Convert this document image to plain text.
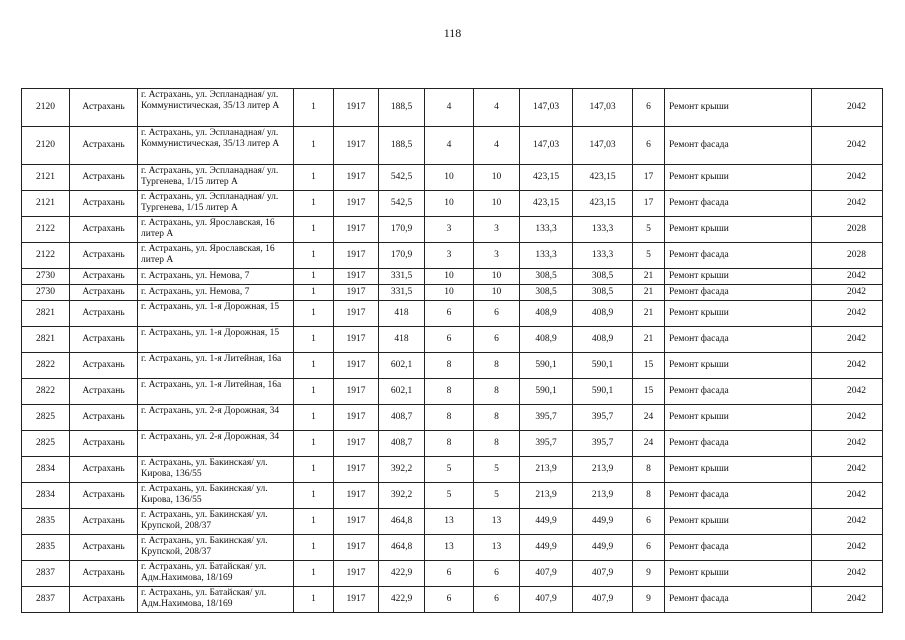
118
2120	Астрахань	г. Астрахань, ул. Эспланадная/ ул. Коммунистическая, 35/13 литер А	1	1917	188,5	4	4	147,03	147,03	6	Ремонт крыши	2042
2120	Астрахань	г. Астрахань, ул. Эспланадная/ ул. Коммунистическая, 35/13 литер А	1	1917	188,5	4	4	147,03	147,03	6	Ремонт фасада	2042
2121	Астрахань	г. Астрахань, ул. Эспланадная/ ул. Тургенева, 1/15 литер А	1	1917	542,5	10	10	423,15	423,15	17	Ремонт крыши	2042
2121	Астрахань	г. Астрахань, ул. Эспланадная/ ул. Тургенева, 1/15 литер А	1	1917	542,5	10	10	423,15	423,15	17	Ремонт фасада	2042
2122	Астрахань	г. Астрахань, ул. Ярославская, 16 литер А	1	1917	170,9	3	3	133,3	133,3	5	Ремонт крыши	2028
2122	Астрахань	г. Астрахань, ул. Ярославская, 16 литер А	1	1917	170,9	3	3	133,3	133,3	5	Ремонт фасада	2028
2730	Астрахань	г. Астрахань, ул. Немова, 7	1	1917	331,5	10	10	308,5	308,5	21	Ремонт крыши	2042
2730	Астрахань	г. Астрахань, ул. Немова, 7	1	1917	331,5	10	10	308,5	308,5	21	Ремонт фасада	2042
2821	Астрахань	г. Астрахань, ул. 1-я Дорожная, 15	1	1917	418	6	6	408,9	408,9	21	Ремонт крыши	2042
2821	Астрахань	г. Астрахань, ул. 1-я Дорожная, 15	1	1917	418	6	6	408,9	408,9	21	Ремонт фасада	2042
2822	Астрахань	г. Астрахань, ул. 1-я Литейная, 16а	1	1917	602,1	8	8	590,1	590,1	15	Ремонт крыши	2042
2822	Астрахань	г. Астрахань, ул. 1-я Литейная, 16а	1	1917	602,1	8	8	590,1	590,1	15	Ремонт фасада	2042
2825	Астрахань	г. Астрахань, ул. 2-я Дорожная, 34	1	1917	408,7	8	8	395,7	395,7	24	Ремонт крыши	2042
2825	Астрахань	г. Астрахань, ул. 2-я Дорожная, 34	1	1917	408,7	8	8	395,7	395,7	24	Ремонт фасада	2042
2834	Астрахань	г. Астрахань, ул. Бакинская/ ул. Кирова, 136/55	1	1917	392,2	5	5	213,9	213,9	8	Ремонт крыши	2042
2834	Астрахань	г. Астрахань, ул. Бакинская/ ул. Кирова, 136/55	1	1917	392,2	5	5	213,9	213,9	8	Ремонт фасада	2042
2835	Астрахань	г. Астрахань, ул. Бакинская/ ул. Крупской, 208/37	1	1917	464,8	13	13	449,9	449,9	6	Ремонт крыши	2042
2835	Астрахань	г. Астрахань, ул. Бакинская/ ул. Крупской, 208/37	1	1917	464,8	13	13	449,9	449,9	6	Ремонт фасада	2042
2837	Астрахань	г. Астрахань, ул. Батайская/ ул. Адм.Нахимова, 18/169	1	1917	422,9	6	6	407,9	407,9	9	Ремонт крыши	2042
2837	Астрахань	г. Астрахань, ул. Батайская/ ул. Адм.Нахимова, 18/169	1	1917	422,9	6	6	407,9	407,9	9	Ремонт фасада	2042
